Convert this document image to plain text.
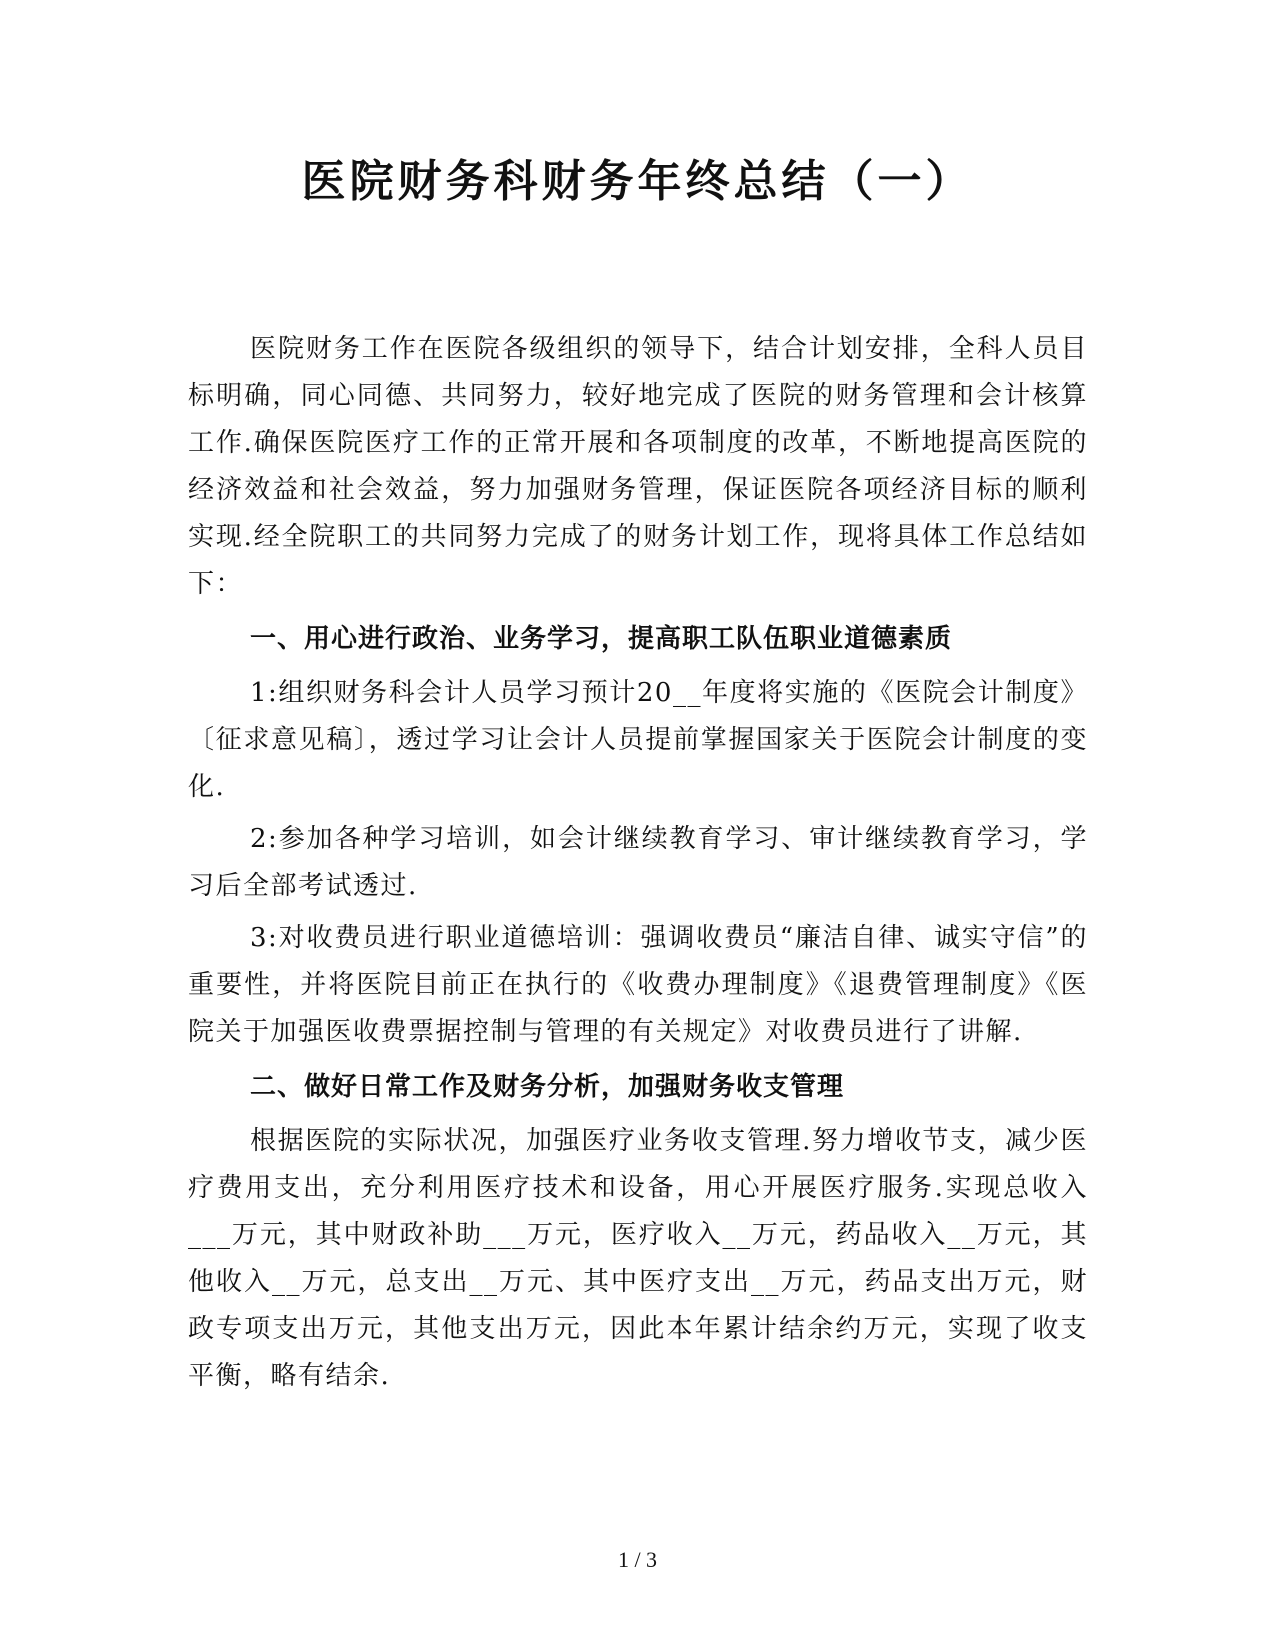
医院财务科财务年终总结（一）

医院财务工作在医院各级组织的领导下，结合计划安排，全科人员目标明确，同心同德、共同努力，较好地完成了医院的财务管理和会计核算工作.确保医院医疗工作的正常开展和各项制度的改革，不断地提高医院的经济效益和社会效益，努力加强财务管理，保证医院各项经济目标的顺利实现.经全院职工的共同努力完成了的财务计划工作，现将具体工作总结如下：

一、用心进行政治、业务学习，提高职工队伍职业道德素质

1:组织财务科会计人员学习预计20__年度将实施的《医院会计制度》〔征求意见稿〕，透过学习让会计人员提前掌握国家关于医院会计制度的变化.

2:参加各种学习培训，如会计继续教育学习、审计继续教育学习，学习后全部考试透过.

3:对收费员进行职业道德培训：强调收费员“廉洁自律、诚实守信”的重要性，并将医院目前正在执行的《收费办理制度》《退费管理制度》《医院关于加强医收费票据控制与管理的有关规定》对收费员进行了讲解.

二、做好日常工作及财务分析，加强财务收支管理

根据医院的实际状况，加强医疗业务收支管理.努力增收节支，减少医疗费用支出，充分利用医疗技术和设备，用心开展医疗服务.实现总收入___万元，其中财政补助___万元，医疗收入__万元，药品收入__万元，其他收入__万元，总支出__万元、其中医疗支出__万元，药品支出万元，财政专项支出万元，其他支出万元，因此本年累计结余约万元，实现了收支平衡，略有结余.

1 / 3
